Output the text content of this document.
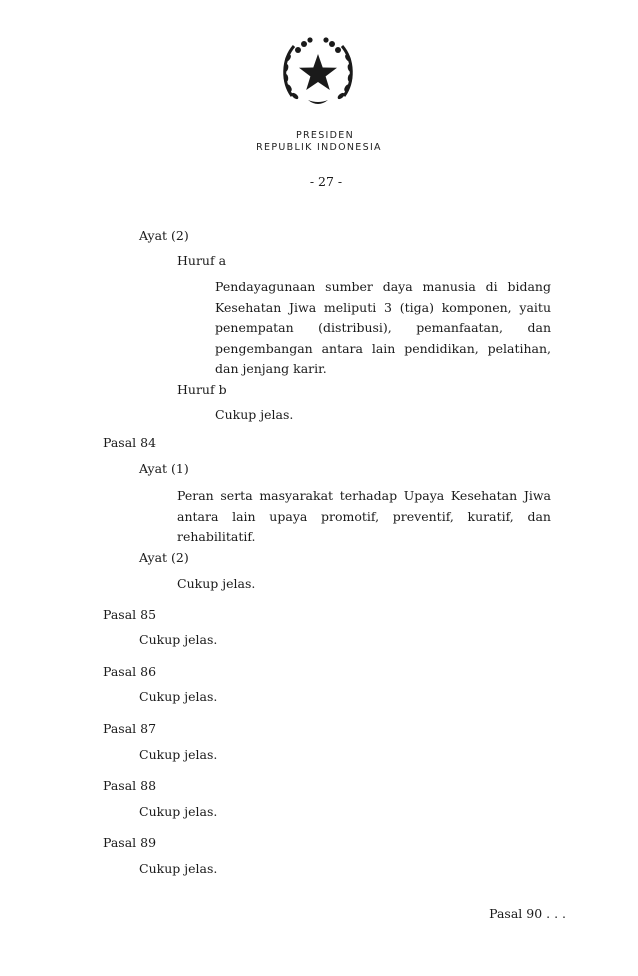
PRESIDEN
REPUBLIK INDONESIA
- 27 -
Ayat (2)
Huruf a
Pendayagunaan sumber daya manusia di bidang Kesehatan Jiwa meliputi 3 (tiga) komponen, yaitu penempatan (distribusi), pemanfaatan, dan pengembangan antara lain pendidikan, pelatihan, dan jenjang karir.
Huruf b
Cukup jelas.
Pasal 84
Ayat (1)
Peran serta masyarakat terhadap Upaya Kesehatan Jiwa antara lain upaya promotif, preventif, kuratif, dan rehabilitatif.
Ayat (2)
Cukup jelas.
Pasal 85
Cukup jelas.
Pasal 86
Cukup jelas.
Pasal 87
Cukup jelas.
Pasal 88
Cukup jelas.
Pasal 89
Cukup jelas.
Pasal 90 . . .
